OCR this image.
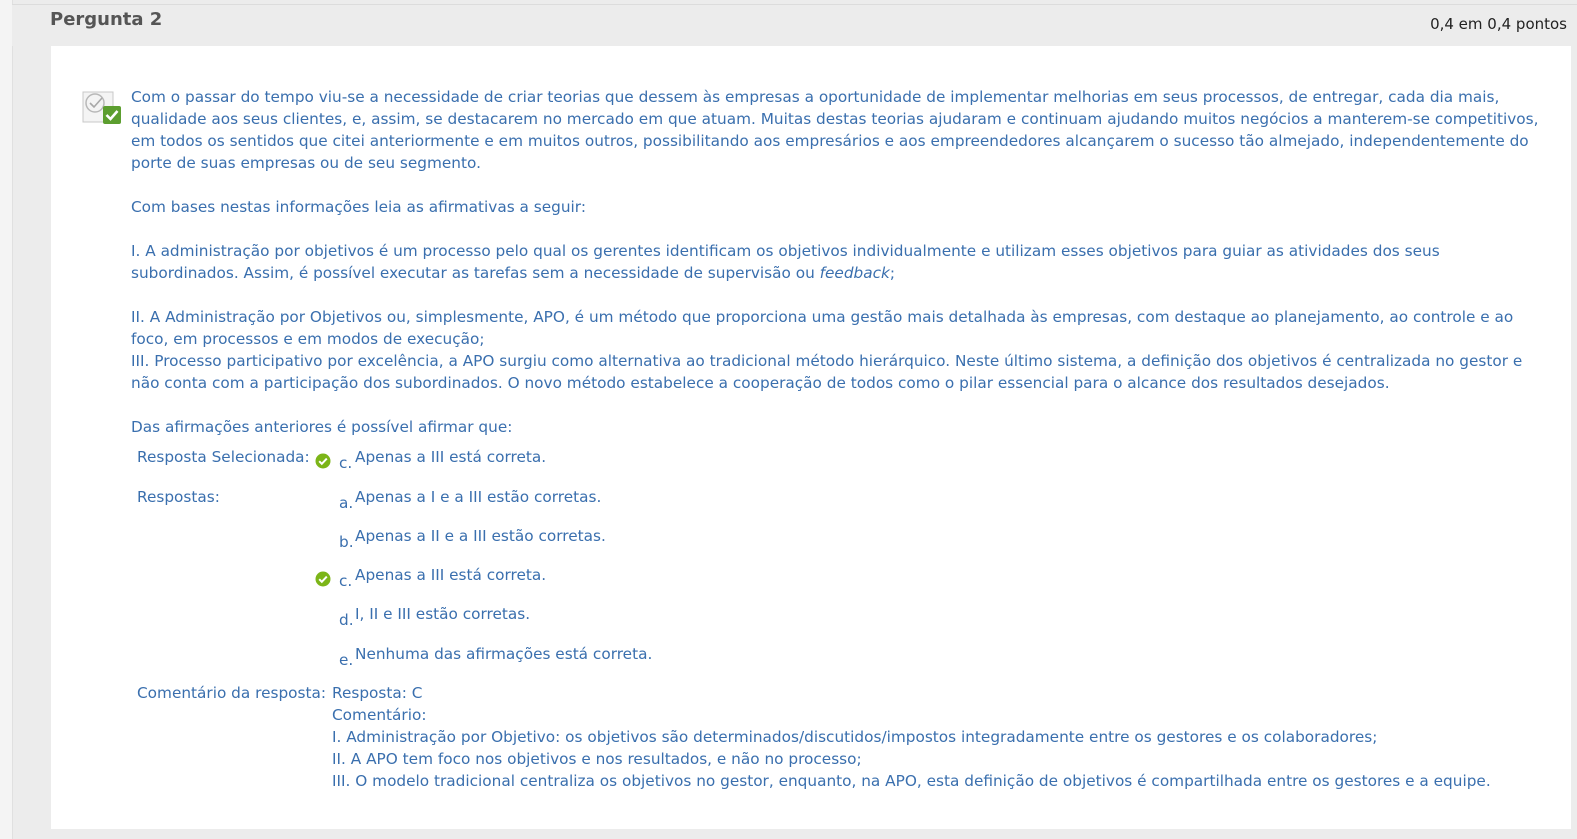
Pergunta 2	0,4 em 0,4 pontos

Com o passar do tempo viu-se a necessidade de criar teorias que dessem às empresas a oportunidade de implementar melhorias em seus processos, de entregar, cada dia mais, qualidade aos seus clientes, e, assim, se destacarem no mercado em que atuam. Muitas destas teorias ajudaram e continuam ajudando muitos negócios a manterem-se competitivos, em todos os sentidos que citei anteriormente e em muitos outros, possibilitando aos empresários e aos empreendedores alcançarem o sucesso tão almejado, independentemente do porte de suas empresas ou de seu segmento.

Com bases nestas informações leia as afirmativas a seguir:

I. A administração por objetivos é um processo pelo qual os gerentes identificam os objetivos individualmente e utilizam esses objetivos para guiar as atividades dos seus subordinados. Assim, é possível executar as tarefas sem a necessidade de supervisão ou feedback;

II. A Administração por Objetivos ou, simplesmente, APO, é um método que proporciona uma gestão mais detalhada às empresas, com destaque ao planejamento, ao controle e ao foco, em processos e em modos de execução;

III. Processo participativo por excelência, a APO surgiu como alternativa ao tradicional método hierárquico. Neste último sistema, a definição dos objetivos é centralizada no gestor e não conta com a participação dos subordinados. O novo método estabelece a cooperação de todos como o pilar essencial para o alcance dos resultados desejados.

Das afirmações anteriores é possível afirmar que:

Resposta Selecionada: c. Apenas a III está correta.
Respostas:	a. Apenas a I e a III estão corretas.
b. Apenas a II e a III estão corretas.
c. Apenas a III está correta.
d. I, II e III estão corretas.
e. Nenhuma das afirmações está correta.
Comentário da resposta: Resposta: C
Comentário:
I. Administração por Objetivo: os objetivos são determinados/discutidos/impostos integradamente entre os gestores e os colaboradores;
II. A APO tem foco nos objetivos e nos resultados, e não no processo;
III. O modelo tradicional centraliza os objetivos no gestor, enquanto, na APO, esta definição de objetivos é compartilhada entre os gestores e a equipe.
